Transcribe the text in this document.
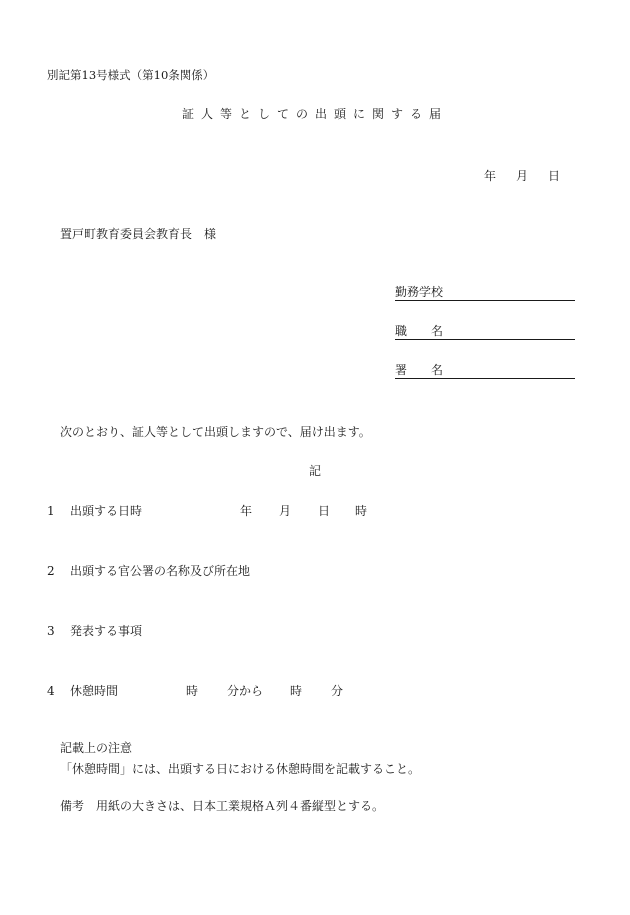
別記第13号様式（第10条関係）
証人等としての出頭に関する届
年	月	日
置戸町教育委員会教育長　様
勤務学校
職　　名
署　　名
次のとおり、証人等として出頭しますので、届け出ます。
記
1	出頭する日時	年 月 日 時
2	出頭する官公署の名称及び所在地
3	発表する事項
4	休憩時間	時 分から 時 分
記載上の注意
「休憩時間」には、出頭する日における休憩時間を記載すること。
備考　用紙の大きさは、日本工業規格Ａ列４番縦型とする。
